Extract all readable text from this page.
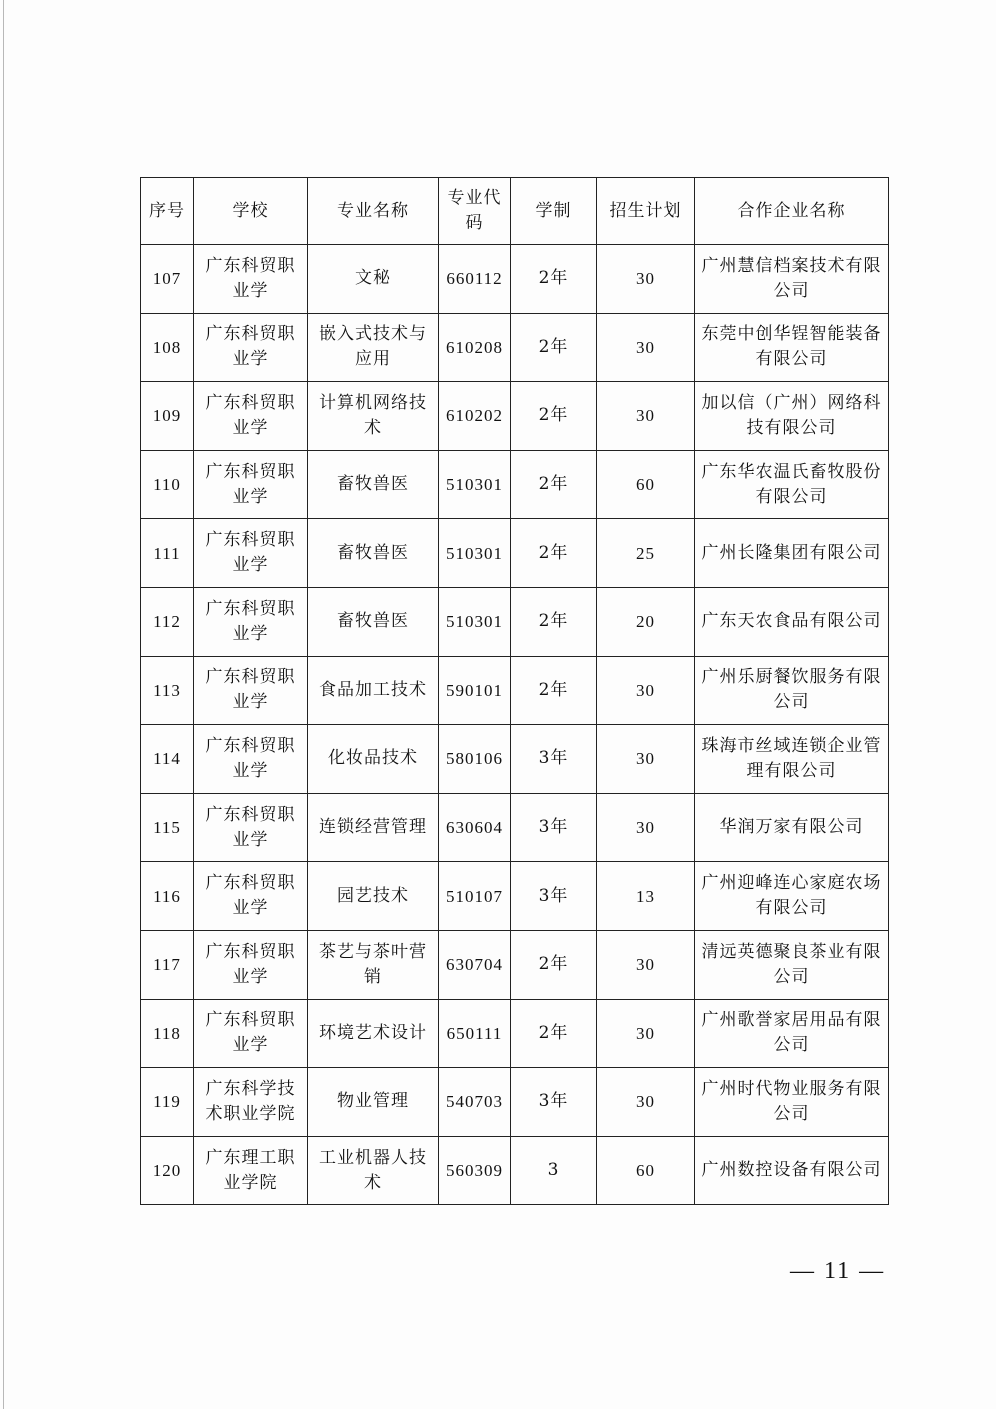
序号	学校	专业名称	专业代码	学制	招生计划	合作企业名称
107	广东科贸职业学	文秘	660112	2年	30	广州慧信档案技术有限公司
108	广东科贸职业学	嵌入式技术与应用	610208	2年	30	东莞中创华锃智能装备有限公司
109	广东科贸职业学	计算机网络技术	610202	2年	30	加以信（广州）网络科技有限公司
110	广东科贸职业学	畜牧兽医	510301	2年	60	广东华农温氏畜牧股份有限公司
111	广东科贸职业学	畜牧兽医	510301	2年	25	广州长隆集团有限公司
112	广东科贸职业学	畜牧兽医	510301	2年	20	广东天农食品有限公司
113	广东科贸职业学	食品加工技术	590101	2年	30	广州乐厨餐饮服务有限公司
114	广东科贸职业学	化妆品技术	580106	3年	30	珠海市丝域连锁企业管理有限公司
115	广东科贸职业学	连锁经营管理	630604	3年	30	华润万家有限公司
116	广东科贸职业学	园艺技术	510107	3年	13	广州迎峰连心家庭农场有限公司
117	广东科贸职业学	茶艺与茶叶营销	630704	2年	30	清远英德聚良茶业有限公司
118	广东科贸职业学	环境艺术设计	650111	2年	30	广州歌誉家居用品有限公司
119	广东科学技术职业学院	物业管理	540703	3年	30	广州时代物业服务有限公司
120	广东理工职业学院	工业机器人技术	560309	3	60	广州数控设备有限公司
— 11 —
